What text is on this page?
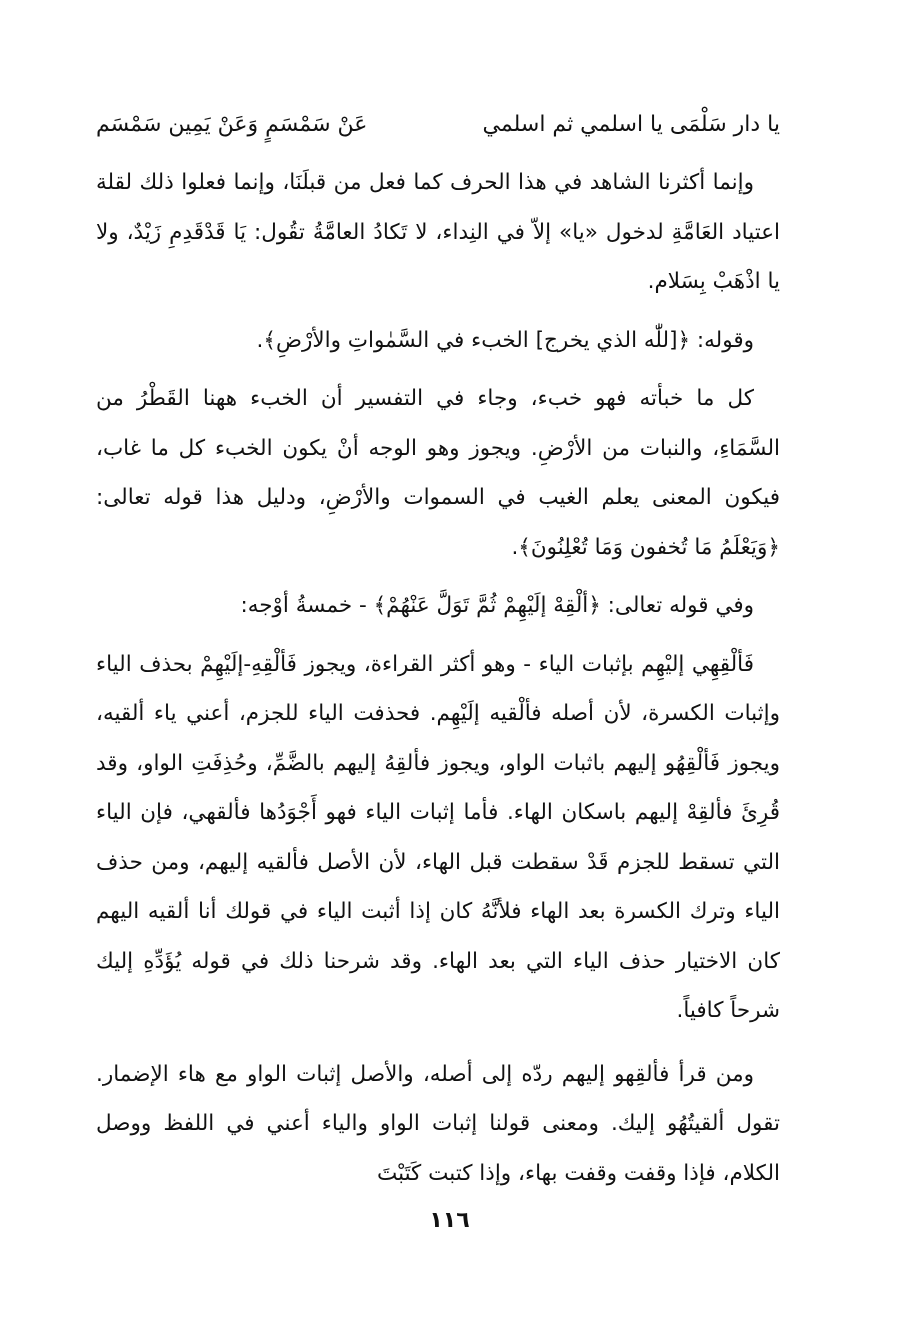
يا دار سَلْمَى يا اسلمي ثم اسلمي
عَنْ سَمْسَمٍ وَعَنْ يَمِين سَمْسَم

وإنما أكثرنا الشاهد في هذا الحرف كما فعل من قبلَنَا، وإنما فعلوا ذلك لقلة اعتياد العَامَّةِ لدخول «يا» إلاّ في النِداء، لا تَكادُ العامَّةُ تقُول: يَا قَدْقَدِمِ زَيْدٌ، ولا يا اذْهَبْ بِسَلام.

وقوله: ﴿[للّٰه الذي يخرج] الخبء في السَّمٰواتِ والأرْضِ﴾.

كل ما خبأته فهو خبء، وجاء في التفسير أن الخبء ههنا القَطْرُ من السَّمَاءِ، والنبات من الأرْضِ. ويجوز وهو الوجه أنْ يكون الخبء كل ما غاب، فيكون المعنى يعلم الغيب في السموات والأرْضِ، ودليل هذا قوله تعالى: ﴿وَيَعْلَمُ مَا تُخفون وَمَا تُعْلِنُونَ﴾.

وفي قوله تعالى: ﴿ألْقِهْ إلَيْهِمْ ثُمَّ تَوَلَّ عَنْهُمْ﴾ - خمسةُ أوْجه:

فَألْقِهِي إليْهِم بإثبات الياء - وهو أكثر القراءة، ويجوز فَألْقِهِ-إلَيْهِمْ بحذف الياء وإثبات الكسرة، لأن أصله فألْقيه إلَيْهِم. فحذفت الياء للجزم، أعني ياء ألقيه، ويجوز فَألْقِهُو إليهم باثبات الواو، ويجوز فألقِهُ إليهم بالضَّمِّ، وحُذِفَتِ الواو، وقد قُرِئَ فألقِهْ إليهم باسكان الهاء. فأما إثبات الياء فهو أَجْوَدُها فألقهي، فإن الياء التي تسقط للجزم قَدْ سقطت قبل الهاء، لأن الأصل فألقيه إليهم، ومن حذف الياء وترك الكسرة بعد الهاء فلأنَّهُ كان إذا أثبت الياء في قولك أنا ألقيه اليهم كان الاختيار حذف الياء التي بعد الهاء. وقد شرحنا ذلك في قوله يُؤَدِّهِ إليك شرحاً كافياً.

ومن قرأ فألقِهو إليهم ردّه إلى أصله، والأصل إثبات الواو مع هاء الإضمار. تقول ألقيتُهُو إليك. ومعنى قولنا إثبات الواو والياء أعني في اللفظ ووصل الكلام، فإذا وقفت وقفت بهاء، وإذا كتبت كَتَبْتَ

١١٦
